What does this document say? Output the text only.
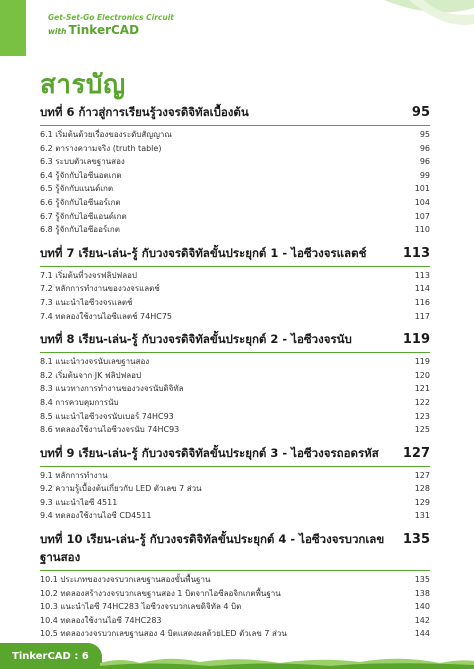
Get-Set-Go Electronics Circuit
with TinkerCAD
สารบัญ
บทที่ 6 ก้าวสู่การเรียนรู้วงจรดิจิทัลเบื้องต้น	95
6.1 เริ่มต้นด้วยเรื่องของระดับสัญญาณ	95
6.2 ตารางความจริง (truth table)	96
6.3 ระบบตัวเลขฐานสอง	96
6.4 รู้จักกับไอซีนอตเกต	99
6.5 รู้จักกับแนนด์เกต	101
6.6 รู้จักกับไอซีนอร์เกต	104
6.7 รู้จักกับไอซีแอนด์เกต	107
6.8 รู้จักกับไอซีออร์เกต	110
บทที่ 7 เรียน-เล่น-รู้ กับวงจรดิจิทัลขั้นประยุกต์ 1 - ไอซีวงจรแลตช์	113
7.1 เริ่มต้นที่วงจรฟลิปฟลอป	113
7.2 หลักการทำงานของวงจรแลตช์	114
7.3 แนะนำไอซีวงจรแลตช์	116
7.4 ทดลองใช้งานไอซีแลตช์ 74HC75	117
บทที่ 8 เรียน-เล่น-รู้ กับวงจรดิจิทัลขั้นประยุกต์ 2 - ไอซีวงจรนับ	119
8.1 แนะนำวงจรนับเลขฐานสอง	119
8.2 เริ่มต้นจาก JK ฟลิปฟลอป	120
8.3 แนวทางการทำงานของวงจรนับดิจิทัล	121
8.4 การควบคุมการนับ	122
8.5 แนะนำไอซีวงจรนับเบอร์ 74HC93	123
8.6 ทดลองใช้งานไอซีวงจรนับ 74HC93	125
บทที่ 9 เรียน-เล่น-รู้ กับวงจรดิจิทัลขั้นประยุกต์ 3 - ไอซีวงจรถอดรหัส 127
9.1 หลักการทำงาน	127
9.2 ความรู้เบื้องต้นเกี่ยวกับ LED ตัวเลข 7 ส่วน	128
9.3 แนะนำไอซี 4511	129
9.4 ทดลองใช้งานไอซี CD4511	131
บทที่ 10 เรียน-เล่น-รู้ กับวงจรดิจิทัลขั้นประยุกต์ 4 - ไอซีวงจรบวกเลขฐานสอง
135
10.1 ประเภทของวงจรบวกเลขฐานสองขั้นพื้นฐาน	135
10.2 ทดลองสร้างวงจรบวกเลขฐานสอง 1 บิตจากไอซีลอจิกเกตพื้นฐาน	138
10.3 แนะนำไอซี 74HC283 ไอซีวงจรบวกเลขดิจิทัล 4 บิต	140
10.4 ทดลองใช้งานไอซี 74HC283	142
10.5 ทดลองวงจรบวกเลขฐานสอง 4 บิตแสดงผลด้วยLED ตัวเลข 7 ส่วน	144
TinkerCAD : 6
